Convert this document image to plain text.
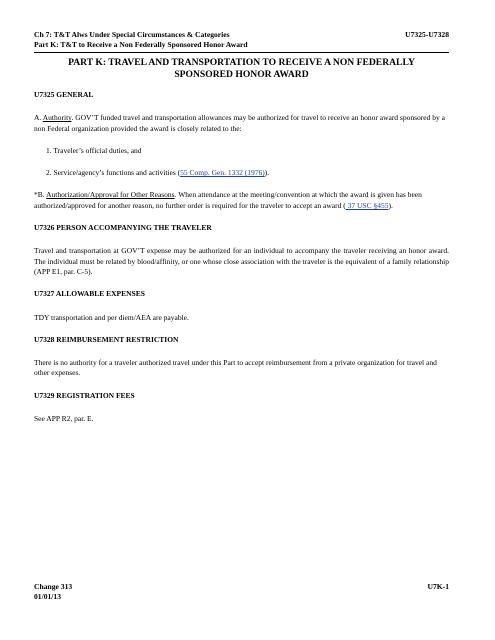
Ch 7: T&T Alws Under Special Circumstances & Categories	U7325-U7328
Part K: T&T to Receive a Non Federally Sponsored Honor Award
PART K: TRAVEL AND TRANSPORTATION TO RECEIVE A NON FEDERALLY
SPONSORED HONOR AWARD
U7325 GENERAL

A. Authority. GOV’T funded travel and transportation allowances may be authorized for travel to receive an honor award sponsored by a non Federal organization provided the award is closely related to the:

1. Traveler’s official duties, and

2. Service/agency’s functions and activities (55 Comp. Gen. 1332 (1976)).

*B. Authorization/Approval for Other Reasons. When attendance at the meeting/convention at which the award is given has been authorized/approved for another reason, no further order is required for the traveler to accept an award ( 37 USC §455).

U7326 PERSON ACCOMPANYING THE TRAVELER

Travel and transportation at GOV’T expense may be authorized for an individual to accompany the traveler receiving an honor award. The individual must be related by blood/affinity, or one whose close association with the traveler is the equivalent of a family relationship (APP E1, par. C-5).

U7327 ALLOWABLE EXPENSES

TDY transportation and per diem/AEA are payable.

U7328 REIMBURSEMENT RESTRICTION

There is no authority for a traveler authorized travel under this Part to accept reimbursement from a private organization for travel and other expenses.

U7329 REGISTRATION FEES

See APP R2, par. E.

Change 313	U7K-1
01/01/13
